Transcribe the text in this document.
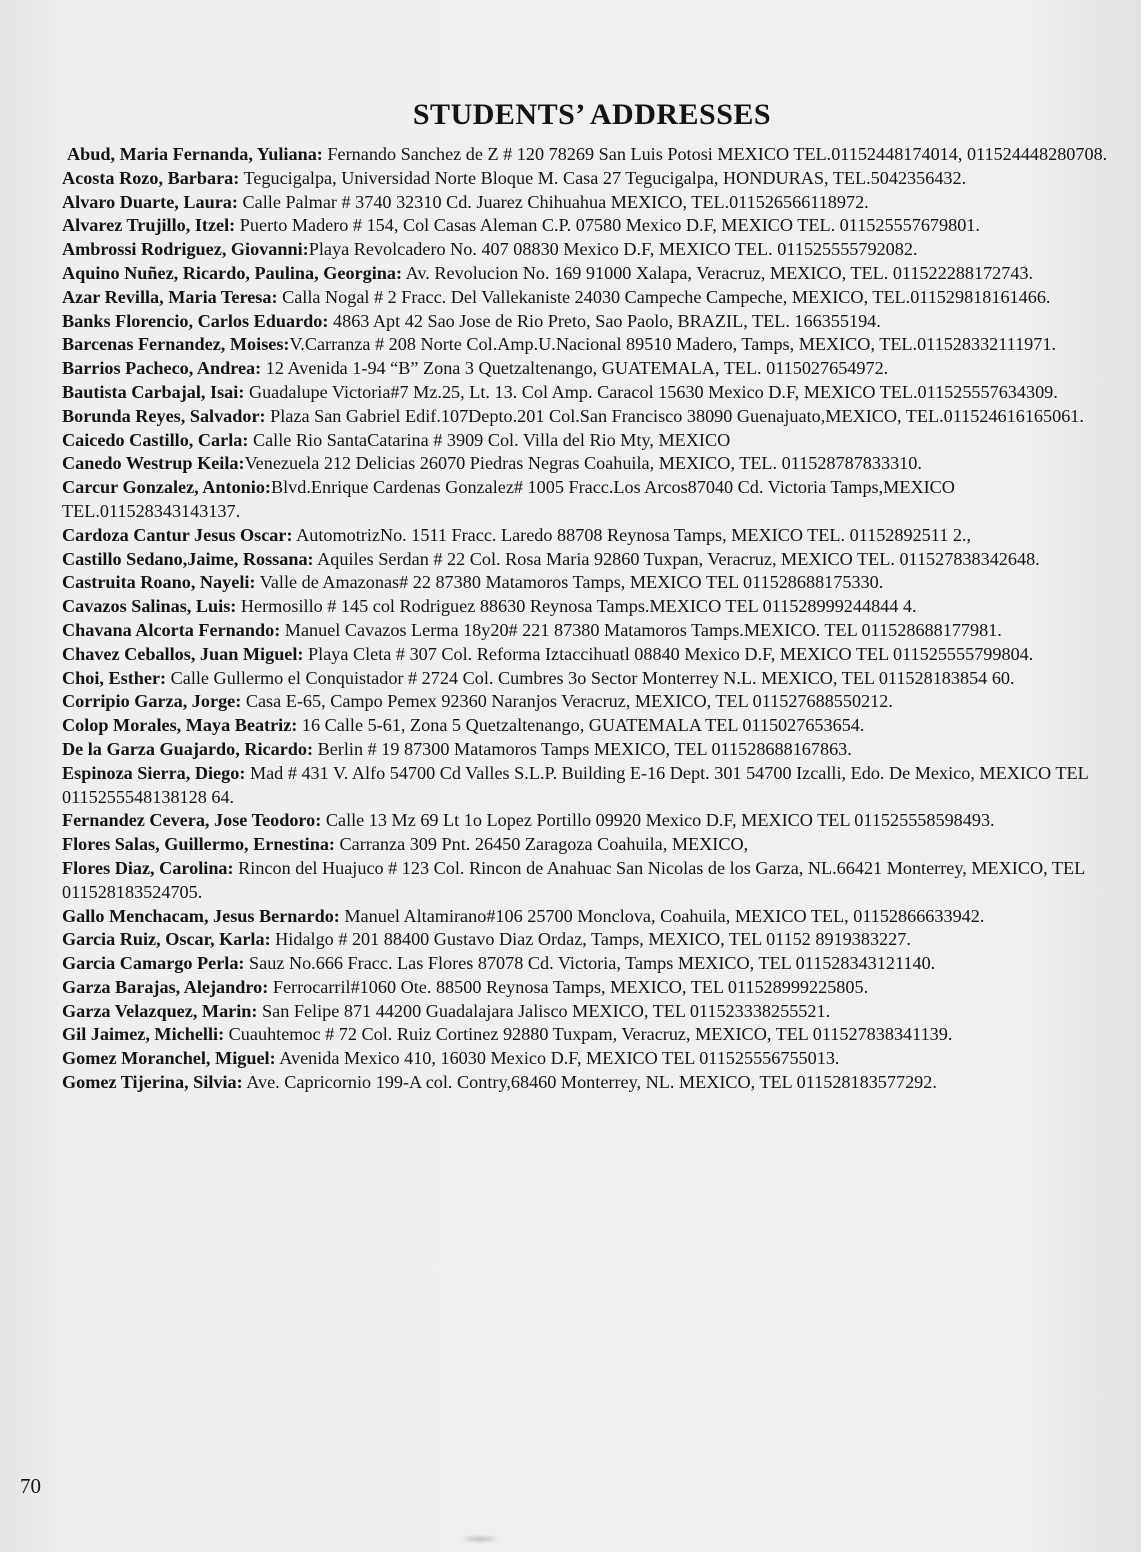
STUDENTS’ ADDRESSES
Abud, Maria Fernanda, Yuliana: Fernando Sanchez de Z # 120 78269 San Luis Potosi MEXICO TEL.01152448174014, 011524448280708.
Acosta Rozo, Barbara: Tegucigalpa, Universidad Norte Bloque M. Casa 27 Tegucigalpa, HONDURAS, TEL.5042356432.
Alvaro Duarte, Laura: Calle Palmar # 3740 32310 Cd. Juarez Chihuahua MEXICO, TEL.011526566118972.
Alvarez Trujillo, Itzel: Puerto Madero # 154, Col Casas Aleman C.P. 07580 Mexico D.F, MEXICO TEL. 011525557679801.
Ambrossi Rodriguez, Giovanni:Playa Revolcadero No. 407 08830 Mexico D.F, MEXICO TEL. 011525555792082.
Aquino Nuñez, Ricardo, Paulina, Georgina: Av. Revolucion No. 169 91000 Xalapa, Veracruz, MEXICO, TEL. 011522288172743.
Azar Revilla, Maria Teresa: Calla Nogal # 2 Fracc. Del Vallekaniste 24030 Campeche Campeche, MEXICO, TEL.011529818161466.
Banks Florencio, Carlos Eduardo: 4863 Apt 42 Sao Jose de Rio Preto, Sao Paolo, BRAZIL, TEL. 166355194.
Barcenas Fernandez, Moises:V.Carranza # 208 Norte Col.Amp.U.Nacional 89510 Madero, Tamps, MEXICO, TEL.011528332111971.
Barrios Pacheco, Andrea: 12 Avenida 1-94 “B” Zona 3 Quetzaltenango, GUATEMALA, TEL. 0115027654972.
Bautista Carbajal, Isai: Guadalupe Victoria#7 Mz.25, Lt. 13. Col Amp. Caracol 15630 Mexico D.F, MEXICO TEL.011525557634309.
Borunda Reyes, Salvador: Plaza San Gabriel Edif.107Depto.201 Col.San Francisco 38090 Guenajuato,MEXICO, TEL.011524616165061.
Caicedo Castillo, Carla: Calle Rio SantaCatarina # 3909 Col. Villa del Rio Mty, MEXICO
Canedo Westrup Keila:Venezuela 212 Delicias 26070 Piedras Negras Coahuila, MEXICO, TEL. 011528787833310.
Carcur Gonzalez, Antonio:Blvd.Enrique Cardenas Gonzalez# 1005 Fracc.Los Arcos87040 Cd. Victoria Tamps,MEXICO TEL.011528343143137.
Cardoza Cantur Jesus Oscar: AutomotrizNo. 1511 Fracc. Laredo 88708 Reynosa Tamps, MEXICO TEL. 01152892511 2.,
Castillo Sedano,Jaime, Rossana: Aquiles Serdan # 22 Col. Rosa Maria 92860 Tuxpan, Veracruz, MEXICO TEL. 011527838342648.
Castruita Roano, Nayeli: Valle de Amazonas# 22 87380 Matamoros Tamps, MEXICO TEL 011528688175330.
Cavazos Salinas, Luis: Hermosillo # 145 col Rodriguez 88630 Reynosa Tamps.MEXICO TEL 011528999244844 4.
Chavana Alcorta Fernando: Manuel Cavazos Lerma 18y20# 221 87380 Matamoros Tamps.MEXICO. TEL 011528688177981.
Chavez Ceballos, Juan Miguel: Playa Cleta # 307 Col. Reforma Iztaccihuatl 08840 Mexico D.F, MEXICO TEL 011525555799804.
Choi, Esther: Calle Gullermo el Conquistador # 2724 Col. Cumbres 3o Sector Monterrey N.L. MEXICO, TEL 011528183854 60.
Corripio Garza, Jorge: Casa E-65, Campo Pemex 92360 Naranjos Veracruz, MEXICO, TEL 011527688550212.
Colop Morales, Maya Beatriz: 16 Calle 5-61, Zona 5 Quetzaltenango, GUATEMALA TEL 0115027653654.
De la Garza Guajardo, Ricardo: Berlin # 19 87300 Matamoros Tamps MEXICO, TEL 011528688167863.
Espinoza Sierra, Diego: Mad # 431 V. Alfo 54700 Cd Valles S.L.P. Building E-16 Dept. 301 54700 Izcalli, Edo. De Mexico, MEXICO TEL 0115255548138128 64.
Fernandez Cevera, Jose Teodoro: Calle 13 Mz 69 Lt 1o Lopez Portillo 09920 Mexico D.F, MEXICO TEL 011525558598493.
Flores Salas, Guillermo, Ernestina: Carranza 309 Pnt. 26450 Zaragoza Coahuila, MEXICO,
Flores Diaz, Carolina: Rincon del Huajuco # 123 Col. Rincon de Anahuac San Nicolas de los Garza, NL.66421 Monterrey, MEXICO, TEL 011528183524705.
Gallo Menchacam, Jesus Bernardo: Manuel Altamirano#106 25700 Monclova, Coahuila, MEXICO TEL, 01152866633942.
Garcia Ruiz, Oscar, Karla: Hidalgo # 201 88400 Gustavo Diaz Ordaz, Tamps, MEXICO, TEL 01152 8919383227.
Garcia Camargo Perla: Sauz No.666 Fracc. Las Flores 87078 Cd. Victoria, Tamps MEXICO, TEL 011528343121140.
Garza Barajas, Alejandro: Ferrocarril#1060 Ote. 88500 Reynosa Tamps, MEXICO, TEL 011528999225805.
Garza Velazquez, Marin: San Felipe 871 44200 Guadalajara Jalisco MEXICO, TEL 011523338255521.
Gil Jaimez, Michelli: Cuauhtemoc # 72 Col. Ruiz Cortinez 92880 Tuxpam, Veracruz, MEXICO, TEL 011527838341139.
Gomez Moranchel, Miguel: Avenida Mexico 410, 16030 Mexico D.F, MEXICO TEL 011525556755013.
Gomez Tijerina, Silvia: Ave. Capricornio 199-A col. Contry,68460 Monterrey, NL. MEXICO, TEL 011528183577292.
70
